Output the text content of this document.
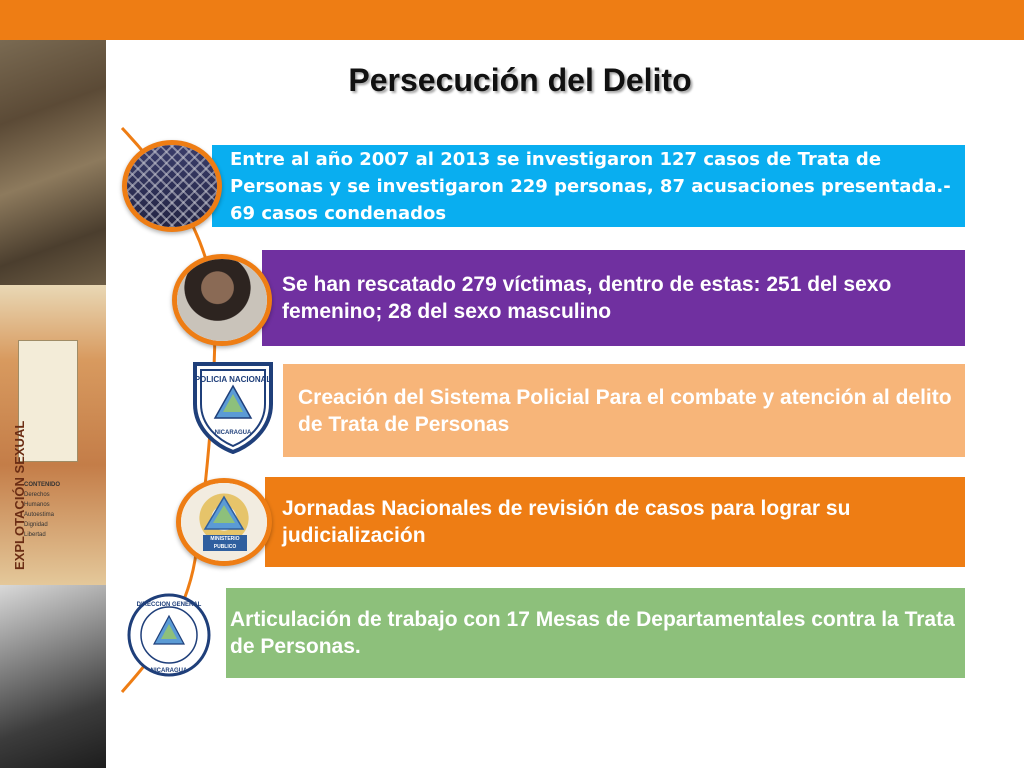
CONTENIDO
Derechos Humanos
Autoestima
Dignidad
Libertad
EXPLOTACIÓN SEXUAL
Persecución del Delito
Entre al año 2007 al 2013 se investigaron 127 casos de Trata de Personas y se investigaron 229 personas, 87 acusaciones presentada.- 69 casos condenados
Se han rescatado 279 víctimas, dentro de estas: 251 del sexo femenino; 28 del sexo masculino
Creación del Sistema Policial Para el combate y atención al delito de Trata de Personas
Jornadas Nacionales de revisión de casos para lograr su judicialización
Articulación de trabajo con 17 Mesas de Departamentales contra la Trata de Personas.
POLICIA NACIONAL
NICARAGUA
MINISTERIO
PUBLICO
DIRECCION GENERAL
NICARAGUA
